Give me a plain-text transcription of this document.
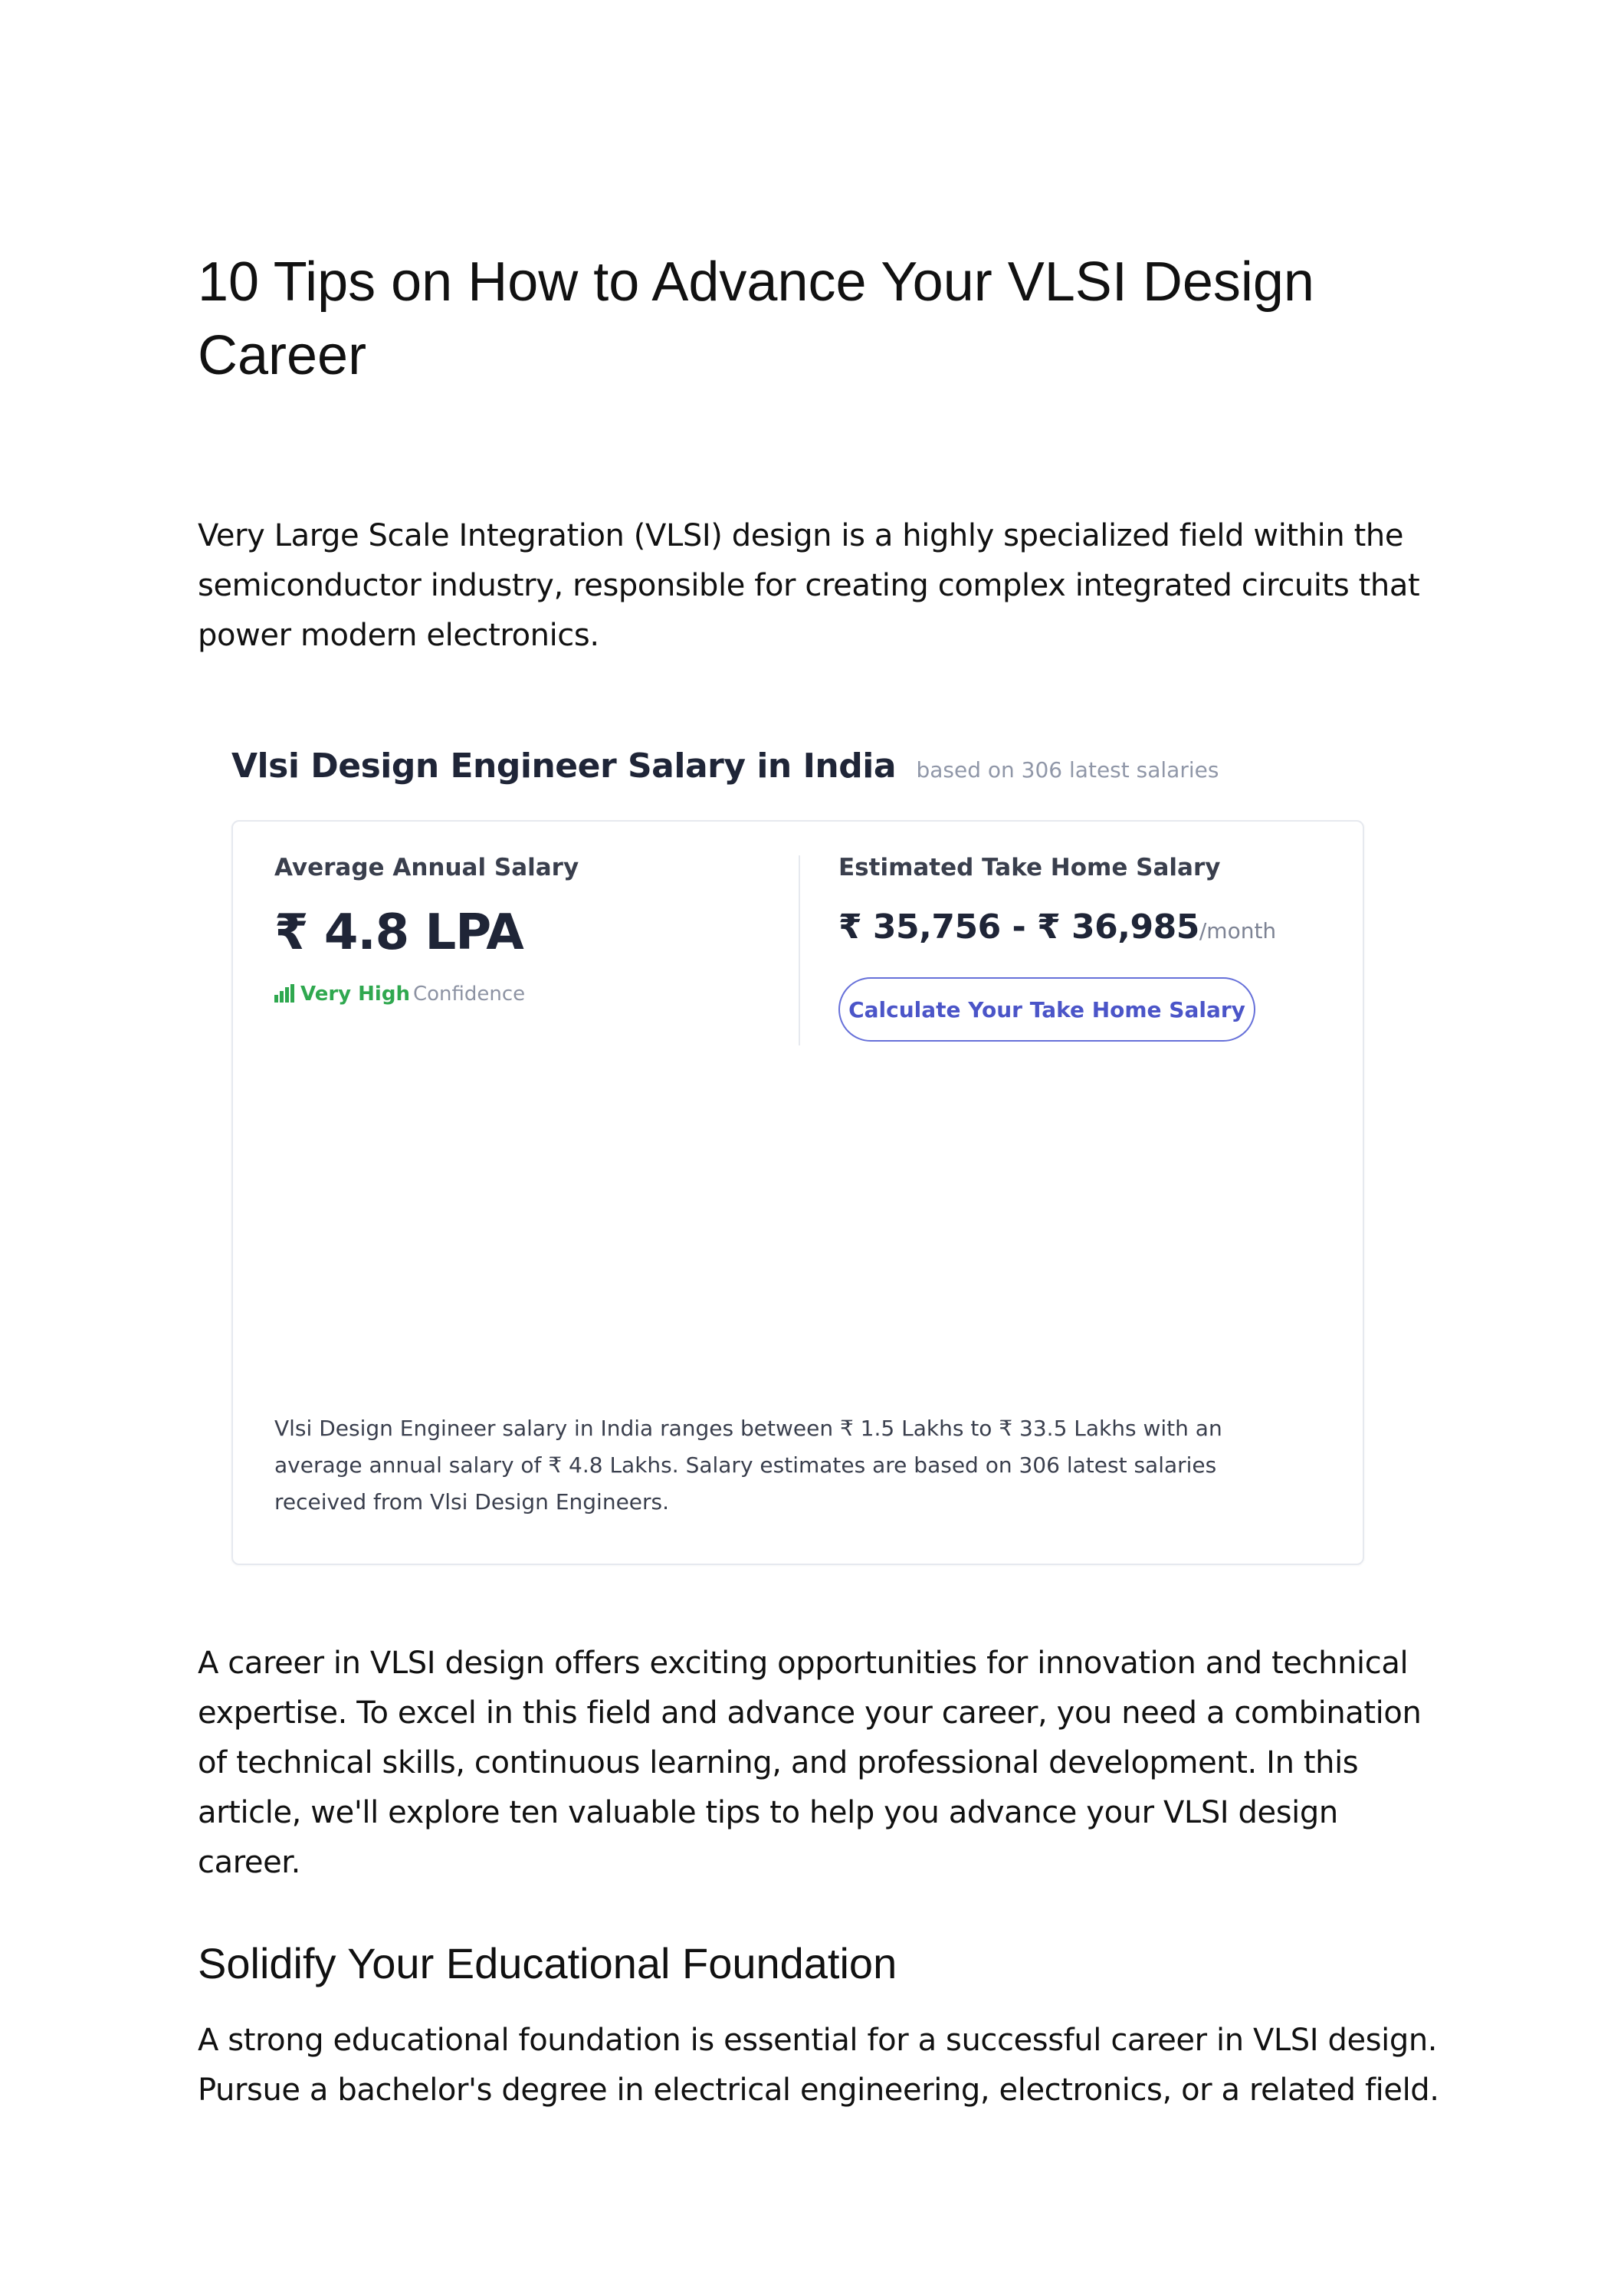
10 Tips on How to Advance Your VLSI Design Career

Very Large Scale Integration (VLSI) design is a highly specialized field within the semiconductor industry, responsible for creating complex integrated circuits that power modern electronics.

Vlsi Design Engineer Salary in India based on 306 latest salaries
Average Annual Salary
₹ 4.8 LPA
Very High Confidence
Estimated Take Home Salary
₹ 35,756 - ₹ 36,985/month
Calculate Your Take Home Salary

Vlsi Design Engineer salary in India ranges between ₹ 1.5 Lakhs to ₹ 33.5 Lakhs with an average annual salary of ₹ 4.8 Lakhs. Salary estimates are based on 306 latest salaries received from Vlsi Design Engineers.

A career in VLSI design offers exciting opportunities for innovation and technical expertise. To excel in this field and advance your career, you need a combination of technical skills, continuous learning, and professional development. In this article, we'll explore ten valuable tips to help you advance your VLSI design career.

Solidify Your Educational Foundation

A strong educational foundation is essential for a successful career in VLSI design. Pursue a bachelor's degree in electrical engineering, electronics, or a related field.
